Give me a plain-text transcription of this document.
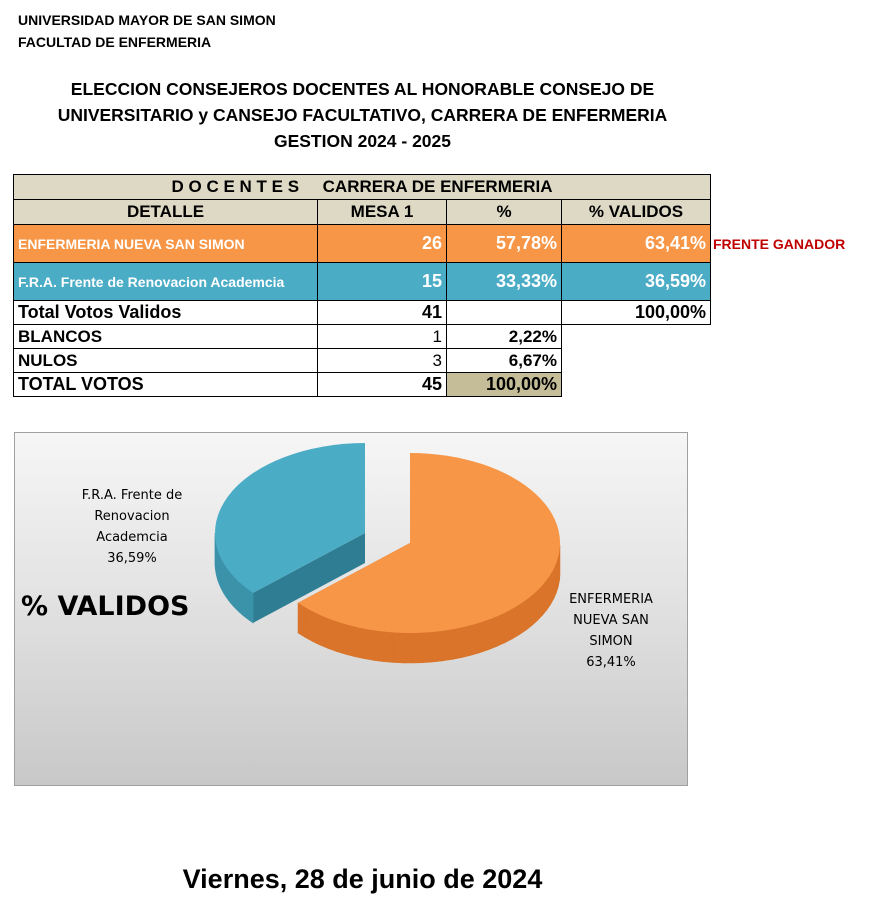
UNIVERSIDAD MAYOR DE SAN SIMON
FACULTAD DE ENFERMERIA
ELECCION CONSEJEROS DOCENTES AL HONORABLE CONSEJO DE
UNIVERSITARIO y CANSEJO FACULTATIVO, CARRERA DE ENFERMERIA
GESTION 2024 - 2025
D O C E N T E S     CARRERA DE ENFERMERIA			
DETALLE	MESA 1	%	% VALIDOS
ENFERMERIA NUEVA SAN SIMON	26	57,78%	63,41%
F.R.A. Frente de Renovacion Academcia	15	33,33%	36,59%
Total Votos Validos	41		100,00%
BLANCOS	1	2,22%	
NULOS	3	6,67%	
TOTAL VOTOS	45	100,00%	
FRENTE GANADOR
% VALIDOS	ENFERMERIA NUEVA SAN SIMON 63,41%
F.R.A. Frente de Renovacion Academcia 36,59%
Viernes, 28 de junio de 2024
